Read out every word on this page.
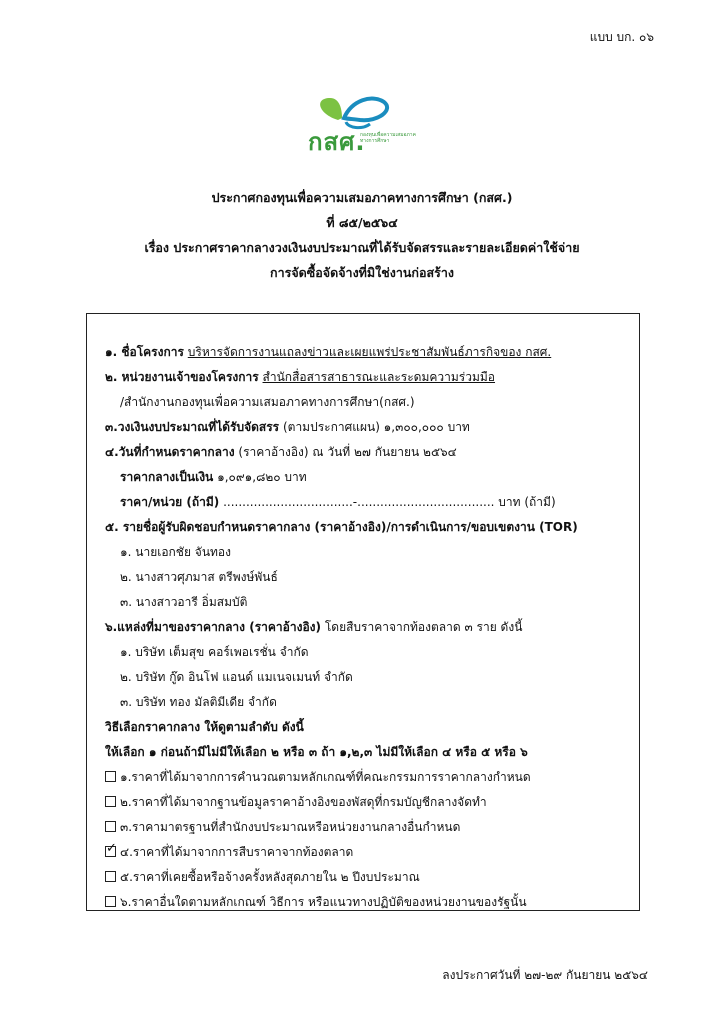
แบบ บก. ๐๖
กสศ.
กองทุนเพื่อความเสมอภาคทางการศึกษา
ประกาศกองทุนเพื่อความเสมอภาคทางการศึกษา (กสศ.)
ที่ ๘๕/๒๕๖๔
เรื่อง ประกาศราคากลางวงเงินงบประมาณที่ได้รับจัดสรรและรายละเอียดค่าใช้จ่าย
การจัดซื้อจัดจ้างที่มิใช่งานก่อสร้าง
๑. ชื่อโครงการ บริหารจัดการงานแถลงข่าวและเผยแพร่ประชาสัมพันธ์ภารกิจของ กสศ.
๒. หน่วยงานเจ้าของโครงการ สำนักสื่อสารสาธารณะและระดมความร่วมมือ
/สำนักงานกองทุนเพื่อความเสมอภาคทางการศึกษา(กสศ.)
๓.วงเงินงบประมาณที่ได้รับจัดสรร (ตามประกาศแผน) ๑,๓๐๐,๐๐๐ บาท
๔.วันที่กำหนดราคากลาง (ราคาอ้างอิง) ณ วันที่ ๒๗ กันยายน ๒๕๖๔
ราคากลางเป็นเงิน ๑,๐๙๑,๘๒๐ บาท
ราคา/หน่วย (ถ้ามี) ..................................-.................................... บาท (ถ้ามี)
๕. รายชื่อผู้รับผิดชอบกำหนดราคากลาง (ราคาอ้างอิง)/การดำเนินการ/ขอบเขตงาน (TOR)
๑. นายเอกชัย จันทอง
๒. นางสาวศุภมาส ตรีพงษ์พันธ์
๓. นางสาวอารี อิ่มสมบัติ
๖.แหล่งที่มาของราคากลาง (ราคาอ้างอิง) โดยสืบราคาจากท้องตลาด ๓ ราย ดังนี้
๑. บริษัท เต็มสุข คอร์เพอเรชั่น จำกัด
๒. บริษัท กู๊ด อินโฟ แอนด์ แมเนจเมนท์ จำกัด
๓. บริษัท ทอง มัลติมีเดีย จำกัด
วิธีเลือกราคากลาง ให้ดูตามลำดับ ดังนี้
ให้เลือก ๑ ก่อนถ้ามีไม่มีให้เลือก ๒ หรือ ๓ ถ้า ๑,๒,๓ ไม่มีให้เลือก ๔ หรือ ๕ หรือ ๖
๑.ราคาที่ได้มาจากการคำนวณตามหลักเกณฑ์ที่คณะกรรมการราคากลางกำหนด
๒.ราคาที่ได้มาจากฐานข้อมูลราคาอ้างอิงของพัสดุที่กรมบัญชีกลางจัดทำ
๓.ราคามาตรฐานที่สำนักงบประมาณหรือหน่วยงานกลางอื่นกำหนด
✓๔.ราคาที่ได้มาจากการสืบราคาจากท้องตลาด
๕.ราคาที่เคยซื้อหรือจ้างครั้งหลังสุดภายใน ๒ ปีงบประมาณ
๖.ราคาอื่นใดตามหลักเกณฑ์ วิธีการ หรือแนวทางปฏิบัติของหน่วยงานของรัฐนั้น
ลงประกาศวันที่ ๒๗-๒๙ กันยายน ๒๕๖๔
